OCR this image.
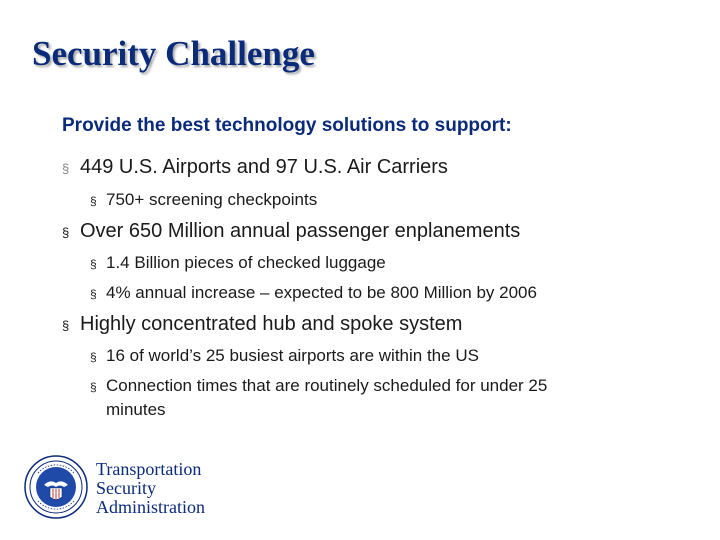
Security Challenge
Provide the best technology solutions to support:
§ 449 U.S. Airports and 97 U.S. Air Carriers
§ 750+ screening checkpoints
§ Over 650 Million annual passenger enplanements
§ 1.4 Billion pieces of checked luggage
§ 4% annual increase – expected to be 800 Million by 2006
§ Highly concentrated hub and spoke system
§ 16 of world’s 25 busiest airports are within the US
§ Connection times that are routinely scheduled for under 25
minutes
Transportation
Security
Administration
